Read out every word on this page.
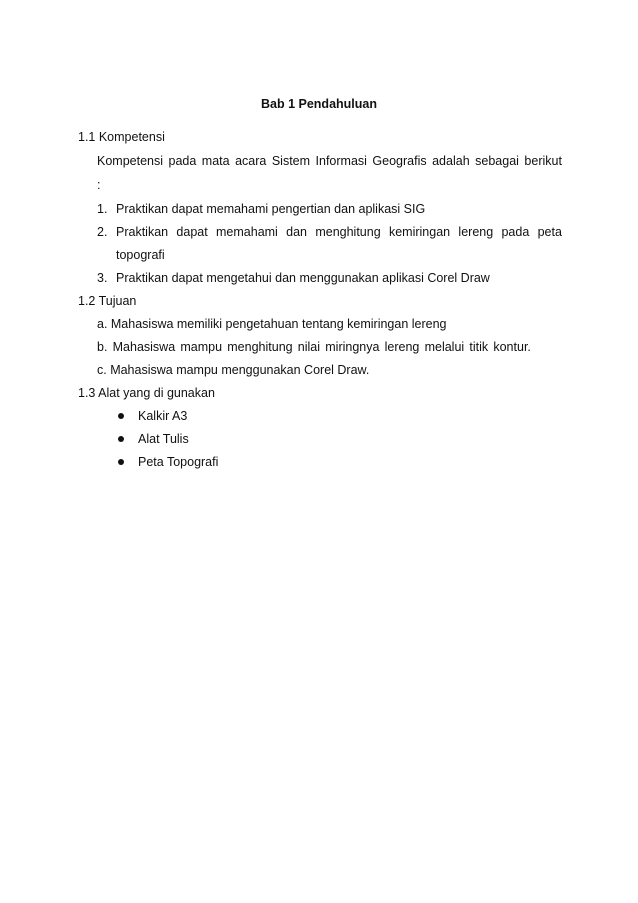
Bab 1 Pendahuluan
1.1 Kompetensi
Kompetensi pada mata acara Sistem Informasi Geografis adalah sebagai berikut
:
1. Praktikan dapat memahami pengertian dan aplikasi SIG
2. Praktikan dapat memahami dan menghitung kemiringan lereng pada peta
topografi
3. Praktikan dapat mengetahui dan menggunakan aplikasi Corel Draw
1.2 Tujuan
a. Mahasiswa memiliki pengetahuan tentang kemiringan lereng
b. Mahasiswa mampu menghitung nilai miringnya lereng melalui titik kontur.
c. Mahasiswa mampu menggunakan Corel Draw.
1.3 Alat yang di gunakan
Kalkir A3
Alat Tulis
Peta Topografi
